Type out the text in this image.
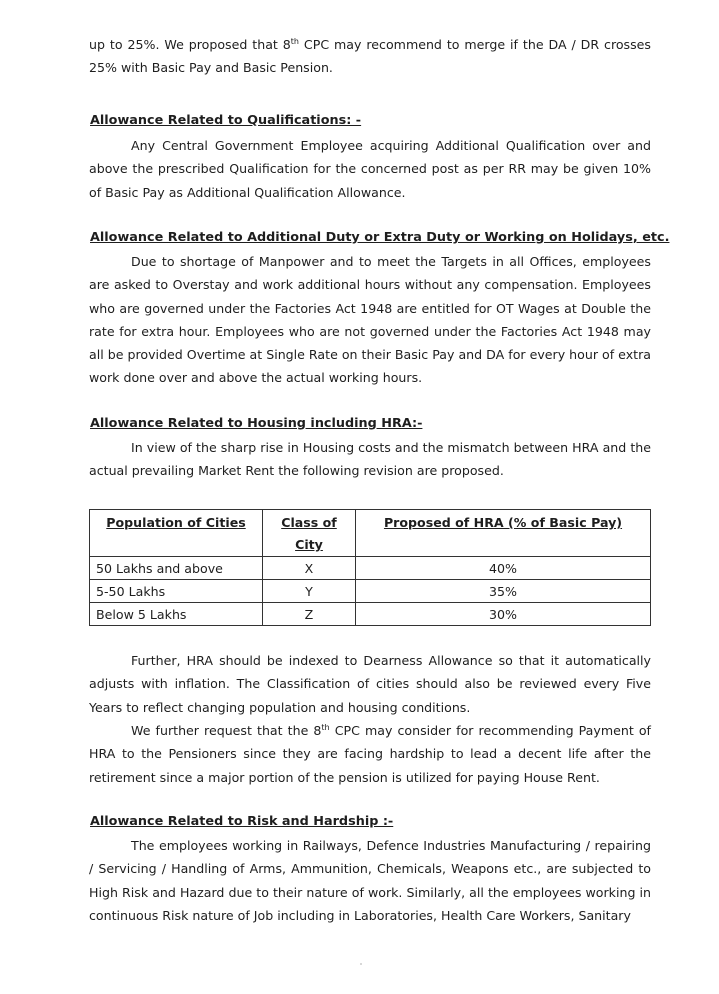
up to 25%. We proposed that 8th CPC may recommend to merge if the DA / DR crosses 25% with Basic Pay and Basic Pension.

Allowance Related to Qualifications: -

Any Central Government Employee acquiring Additional Qualification over and above the prescribed Qualification for the concerned post as per RR may be given 10% of Basic Pay as Additional Qualification Allowance.

Allowance Related to Additional Duty or Extra Duty or Working on Holidays, etc.

Due to shortage of Manpower and to meet the Targets in all Offices, employees are asked to Overstay and work additional hours without any compensation. Employees who are governed under the Factories Act 1948 are entitled for OT Wages at Double the rate for extra hour. Employees who are not governed under the Factories Act 1948 may all be provided Overtime at Single Rate on their Basic Pay and DA for every hour of extra work done over and above the actual working hours.

Allowance Related to Housing including HRA:-

In view of the sharp rise in Housing costs and the mismatch between HRA and the actual prevailing Market Rent the following revision are proposed.

Population of Cities	Class of City	Proposed of HRA (% of Basic Pay)
50 Lakhs and above	X	40%
5-50 Lakhs	Y	35%
Below 5 Lakhs	Z	30%

Further, HRA should be indexed to Dearness Allowance so that it automatically adjusts with inflation. The Classification of cities should also be reviewed every Five Years to reflect changing population and housing conditions.

We further request that the 8th CPC may consider for recommending Payment of HRA to the Pensioners since they are facing hardship to lead a decent life after the retirement since a major portion of the pension is utilized for paying House Rent.

Allowance Related to Risk and Hardship :-

The employees working in Railways, Defence Industries Manufacturing / repairing / Servicing / Handling of Arms, Ammunition, Chemicals, Weapons etc., are subjected to High Risk and Hazard due to their nature of work. Similarly, all the employees working in continuous Risk nature of Job including in Laboratories, Health Care Workers, Sanitary
